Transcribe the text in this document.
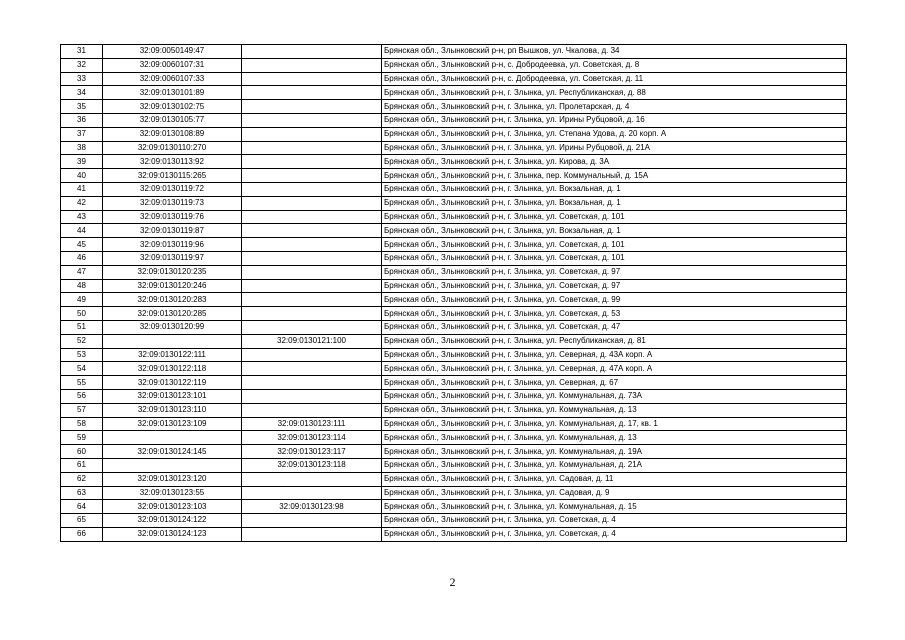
31	32:09:0050149:47		Брянская обл., Злынковский р-н, рп Вышков, ул. Чкалова, д. 34
32	32:09:0060107:31		Брянская обл., Злынковский р-н, с. Добродеевка, ул. Советская, д. 8
33	32:09:0060107:33		Брянская обл., Злынковский р-н, с. Добродеевка, ул. Советская, д. 11
34	32:09:0130101:89		Брянская обл., Злынковский р-н, г. Злынка, ул. Республиканская, д. 88
35	32:09:0130102:75		Брянская обл., Злынковский р-н, г. Злынка, ул. Пролетарская, д. 4
36	32:09:0130105:77		Брянская обл., Злынковский р-н, г. Злынка, ул. Ирины Рубцовой, д. 16
37	32:09:0130108:89		Брянская обл., Злынковский р-н, г. Злынка, ул. Степана Удова, д. 20 корп. А
38	32:09:0130110:270		Брянская обл., Злынковский р-н, г. Злынка, ул. Ирины Рубцовой, д. 21А
39	32:09:0130113:92		Брянская обл., Злынковский р-н, г. Злынка, ул. Кирова, д. 3А
40	32:09:0130115:265		Брянская обл., Злынковский р-н, г. Злынка, пер. Коммунальный, д. 15А
41	32:09:0130119:72		Брянская обл., Злынковский р-н, г. Злынка, ул. Вокзальная, д. 1
42	32:09:0130119:73		Брянская обл., Злынковский р-н, г. Злынка, ул. Вокзальная, д. 1
43	32:09:0130119:76		Брянская обл., Злынковский р-н, г. Злынка, ул. Советская, д. 101
44	32:09:0130119:87		Брянская обл., Злынковский р-н, г. Злынка, ул. Вокзальная, д. 1
45	32:09:0130119:96		Брянская обл., Злынковский р-н, г. Злынка, ул. Советская, д. 101
46	32:09:0130119:97		Брянская обл., Злынковский р-н, г. Злынка, ул. Советская, д. 101
47	32:09:0130120:235		Брянская обл., Злынковский р-н, г. Злынка, ул. Советская, д. 97
48	32:09:0130120:246		Брянская обл., Злынковский р-н, г. Злынка, ул. Советская, д. 97
49	32:09:0130120:283		Брянская обл., Злынковский р-н, г. Злынка, ул. Советская, д. 99
50	32:09:0130120:285		Брянская обл., Злынковский р-н, г. Злынка, ул. Советская, д. 53
51	32:09:0130120:99		Брянская обл., Злынковский р-н, г. Злынка, ул. Советская, д. 47
52		32:09:0130121:100	Брянская обл., Злынковский р-н, г. Злынка, ул. Республиканская, д. 81
53	32:09:0130122:111		Брянская обл., Злынковский р-н, г. Злынка, ул. Северная, д. 43А корп. А
54	32:09:0130122:118		Брянская обл., Злынковский р-н, г. Злынка, ул. Северная, д. 47А корп. А
55	32:09:0130122:119		Брянская обл., Злынковский р-н, г. Злынка, ул. Северная, д. 67
56	32:09:0130123:101		Брянская обл., Злынковский р-н, г. Злынка, ул. Коммунальная, д. 73А
57	32:09:0130123:110		Брянская обл., Злынковский р-н, г. Злынка, ул. Коммунальная, д. 13
58	32:09:0130123:109	32:09:0130123:111	Брянская обл., Злынковский р-н, г. Злынка, ул. Коммунальная, д. 17, кв. 1
59		32:09:0130123:114	Брянская обл., Злынковский р-н, г. Злынка, ул. Коммунальная, д. 13
60	32:09:0130124:145	32:09:0130123:117	Брянская обл., Злынковский р-н, г. Злынка, ул. Коммунальная, д. 19А
61		32:09:0130123:118	Брянская обл., Злынковский р-н, г. Злынка, ул. Коммунальная, д. 21А
62	32:09:0130123:120		Брянская обл., Злынковский р-н, г. Злынка, ул. Садовая, д. 11
63	32:09:0130123:55		Брянская обл., Злынковский р-н, г. Злынка, ул. Садовая, д. 9
64	32:09:0130123:103	32:09:0130123:98	Брянская обл., Злынковский р-н, г. Злынка, ул. Коммунальная, д. 15
65	32:09:0130124:122		Брянская обл., Злынковский р-н, г. Злынка, ул. Советская, д. 4
66	32:09:0130124:123		Брянская обл., Злынковский р-н, г. Злынка, ул. Советская, д. 4
2
